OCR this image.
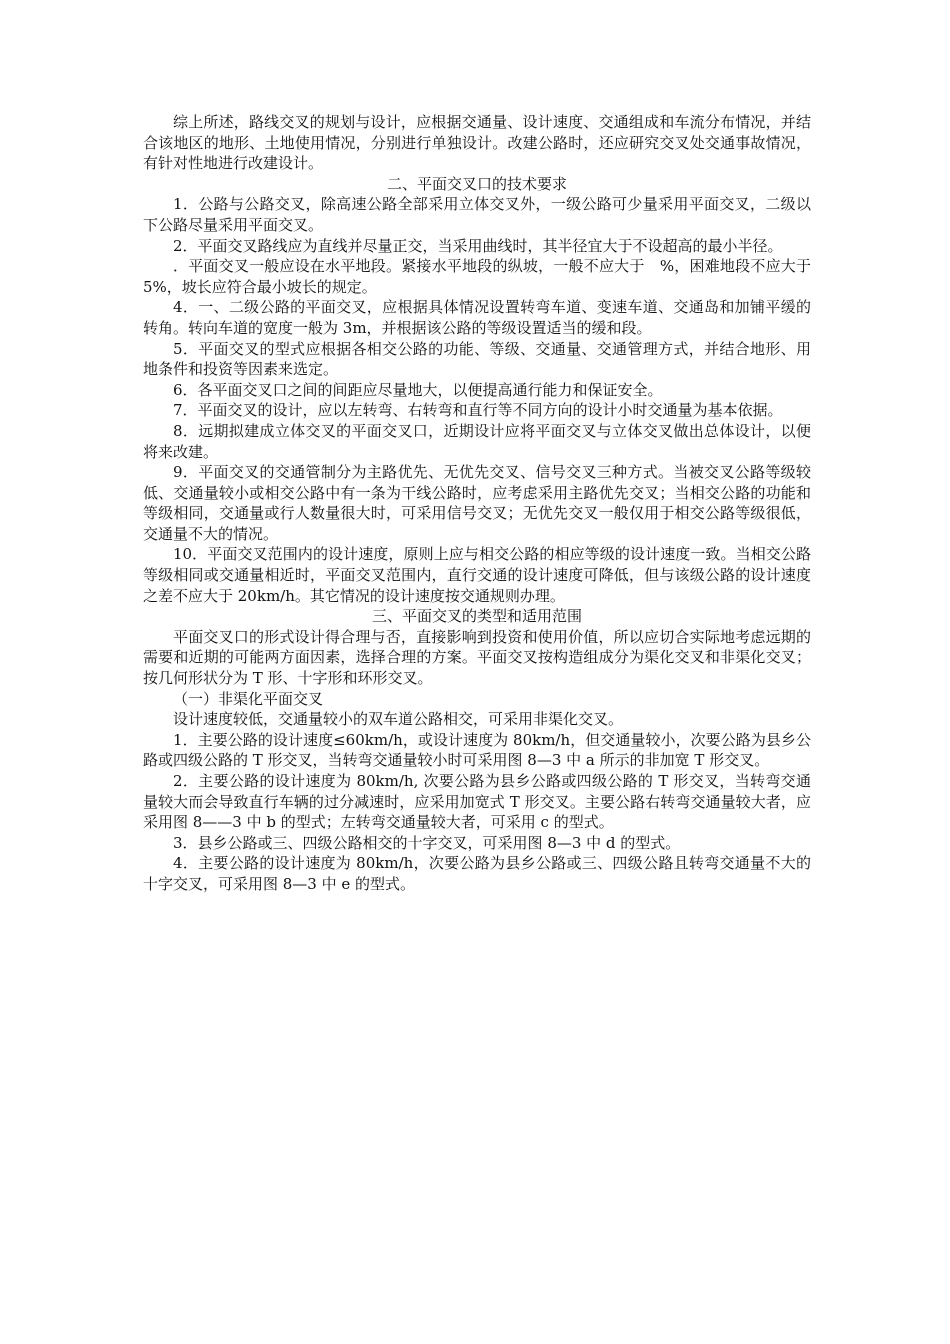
综上所述，路线交叉的规划与设计，应根据交通量、设计速度、交通组成和车流分布情况，并结合该地区的地形、土地使用情况，分别进行单独设计。改建公路时，还应研究交叉处交通事故情况，有针对性地进行改建设计。

二、平面交叉口的技术要求

1．公路与公路交叉，除高速公路全部采用立体交叉外，一级公路可少量采用平面交叉，二级以下公路尽量采用平面交叉。

2．平面交叉路线应为直线并尽量正交，当采用曲线时，其半径宜大于不设超高的最小半径。

．平面交叉一般应设在水平地段。紧接水平地段的纵坡，一般不应大于　%，困难地段不应大于 5%，坡长应符合最小坡长的规定。

4．一、二级公路的平面交叉，应根据具体情况设置转弯车道、变速车道、交通岛和加铺平缓的转角。转向车道的宽度一般为 3m，并根据该公路的等级设置适当的缓和段。

5．平面交叉的型式应根据各相交公路的功能、等级、交通量、交通管理方式，并结合地形、用地条件和投资等因素来选定。

6．各平面交叉口之间的间距应尽量地大，以便提高通行能力和保证安全。

7．平面交叉的设计，应以左转弯、右转弯和直行等不同方向的设计小时交通量为基本依据。

8．远期拟建成立体交叉的平面交叉口，近期设计应将平面交叉与立体交叉做出总体设计，以便将来改建。

9．平面交叉的交通管制分为主路优先、无优先交叉、信号交叉三种方式。当被交叉公路等级较低、交通量较小或相交公路中有一条为干线公路时，应考虑采用主路优先交叉；当相交公路的功能和等级相同，交通量或行人数量很大时，可采用信号交叉；无优先交叉一般仅用于相交公路等级很低，交通量不大的情况。

10．平面交叉范围内的设计速度，原则上应与相交公路的相应等级的设计速度一致。当相交公路等级相同或交通量相近时，平面交叉范围内，直行交通的设计速度可降低，但与该级公路的设计速度之差不应大于 20km/h。其它情况的设计速度按交通规则办理。

三、平面交叉的类型和适用范围

平面交叉口的形式设计得合理与否，直接影响到投资和使用价值，所以应切合实际地考虑远期的需要和近期的可能两方面因素，选择合理的方案。平面交叉按构造组成分为渠化交叉和非渠化交叉；按几何形状分为 T 形、十字形和环形交叉。

（一）非渠化平面交叉

设计速度较低，交通量较小的双车道公路相交，可采用非渠化交叉。

1．主要公路的设计速度≤60km/h，或设计速度为 80km/h，但交通量较小，次要公路为县乡公路或四级公路的 T 形交叉，当转弯交通量较小时可采用图 8—3 中 a 所示的非加宽 T 形交叉。

2．主要公路的设计速度为 80km/h, 次要公路为县乡公路或四级公路的 T 形交叉，当转弯交通量较大而会导致直行车辆的过分减速时，应采用加宽式 T 形交叉。主要公路右转弯交通量较大者，应采用图 8——3 中 b 的型式；左转弯交通量较大者，可采用 c 的型式。

3．县乡公路或三、四级公路相交的十字交叉，可采用图 8—3 中 d 的型式。

4．主要公路的设计速度为 80km/h，次要公路为县乡公路或三、四级公路且转弯交通量不大的十字交叉，可采用图 8—3 中 e 的型式。
